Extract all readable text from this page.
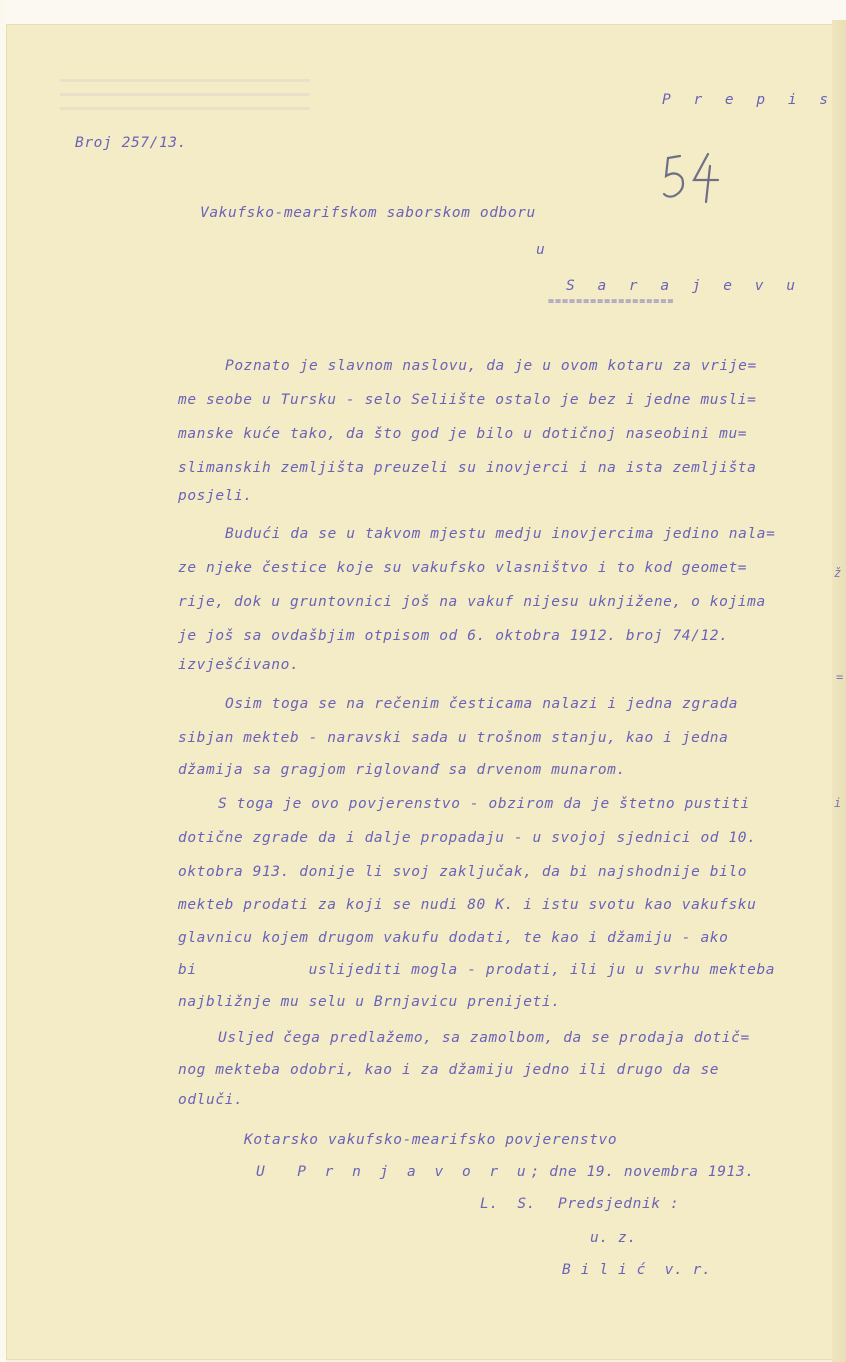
P r e p i s
Broj 257/13.
Vakufsko-mearifskom saborskom odboru
u
S a r a j e v u
==================
Poznato je slavnom naslovu, da je u ovom kotaru za vrije=
me seobe u Tursku - selo Seliište ostalo je bez i jedne musli=
manske kuće tako, da što god je bilo u dotičnoj naseobini mu=
slimanskih zemljišta preuzeli su inovjerci i na ista zemljišta
posjeli.
Budući da se u takvom mjestu medju inovjercima jedino nala=
ze njeke čestice koje su vakufsko vlasništvo i to kod geomet=
rije, dok u gruntovnici još na vakuf nijesu uknjižene, o kojima
je još sa ovdašbjim otpisom od 6. oktobra 1912. broj 74/12.
izvješćivano.
Osim toga se na rečenim česticama nalazi i jedna zgrada
sibjan mekteb - naravski sada u trošnom stanju, kao i jedna
džamija sa gragjom riglovanđ sa drvenom munarom.
S toga je ovo povjerenstvo - obzirom da je štetno pustiti
dotične zgrade da i dalje propadaju - u svojoj sjednici od 10.
oktobra 913. donije li svoj zaključak, da bi najshodnije bilo
mekteb prodati za koji se nudi 80 K. i istu svotu kao vakufsku
glavnicu kojem drugom vakufu dodati, te kao i džamiju - ako
bi            uslijediti mogla - prodati, ili ju u svrhu mekteba
najbližnje mu selu u Brnjavicu prenijeti.
Uslјed čega predlažemo, sa zamolbom, da se prodaja dotič=
nog mekteba odobri, kao i za džamiju jedno ili drugo da se
odluči.
Kotarsko vakufsko-mearifsko povjerenstvo
U  P r n j a v o r u; dne 19. novembra 1913.
L.  S. Predsjednik :
u. z.
B i l i ć  v. r.
ž
=
i
